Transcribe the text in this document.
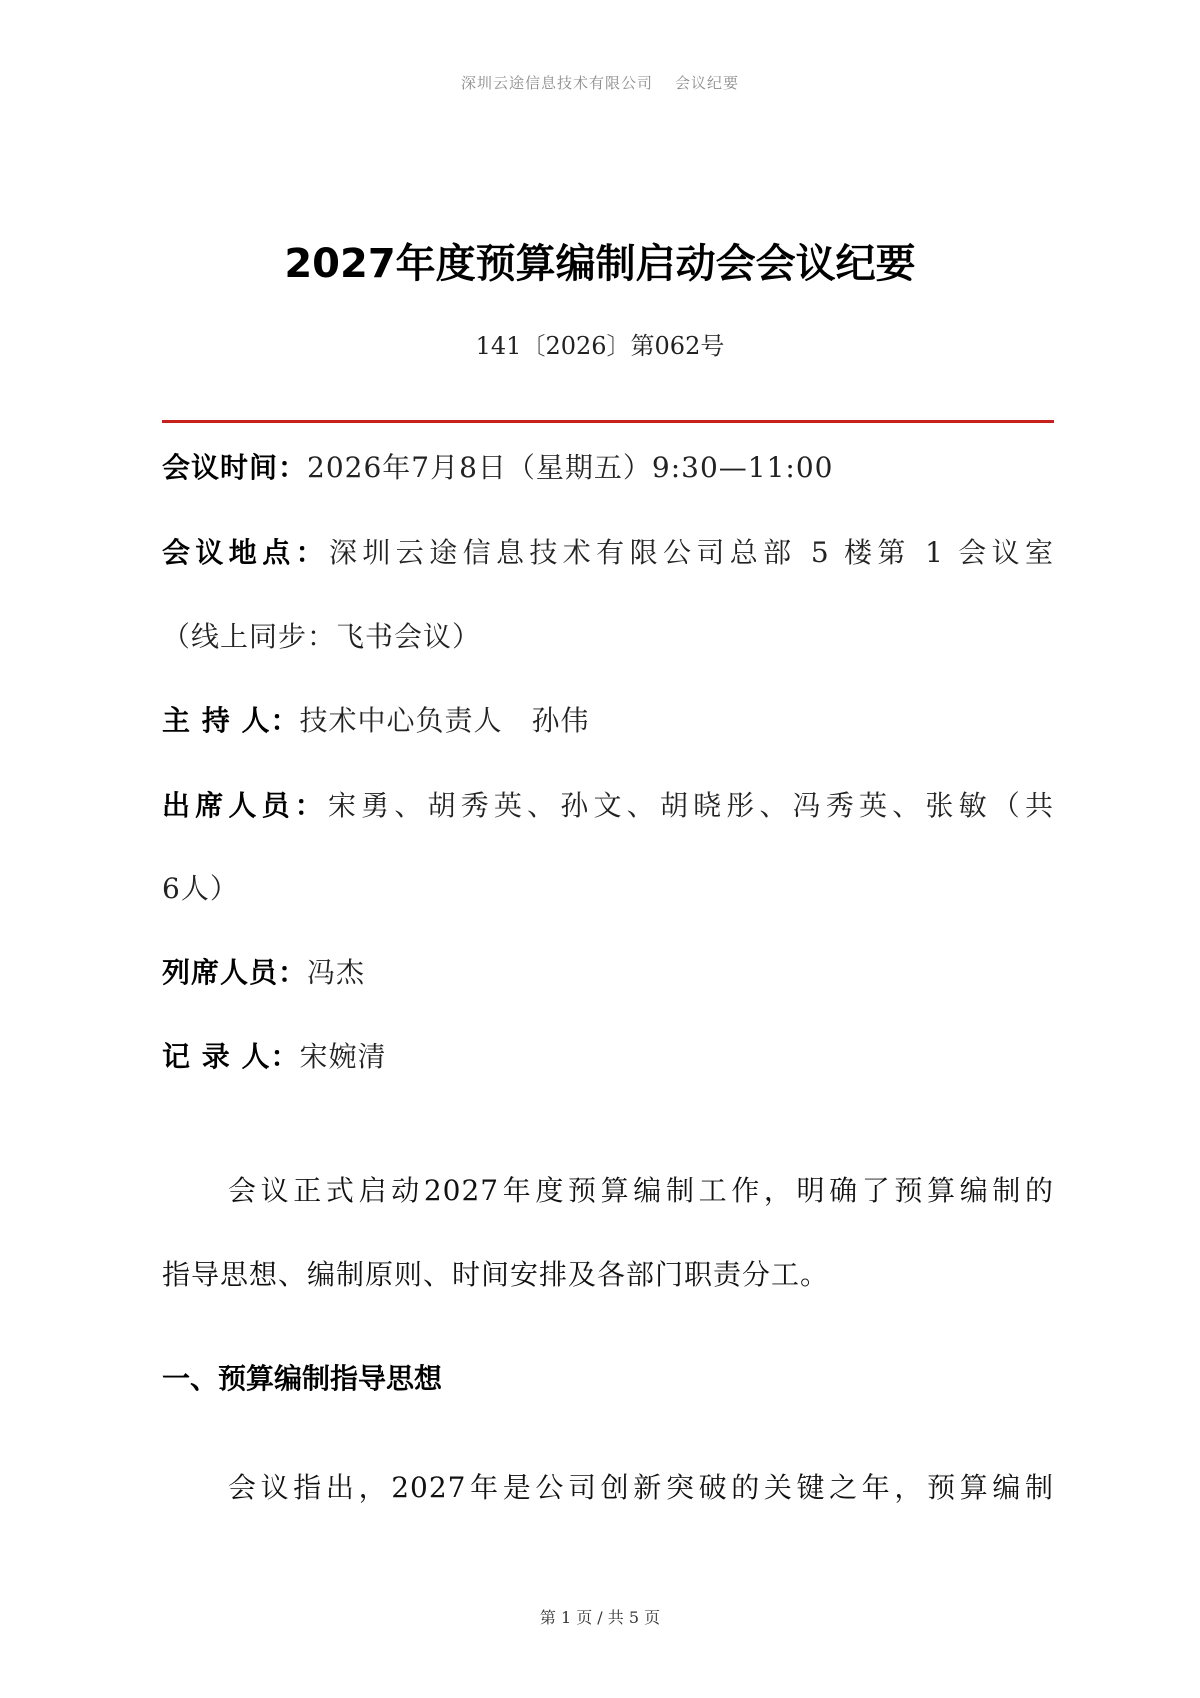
深圳云途信息技术有限公司 会议纪要
2027年度预算编制启动会会议纪要
141〔2026〕第062号
会议时间：2026年7月8日（星期五）9:30—11:00
会议地点：深圳云途信息技术有限公司总部 5 楼第 1 会议室
（线上同步：飞书会议）
主 持 人：技术中心负责人　孙伟
出席人员：宋勇、胡秀英、孙文、胡晓彤、冯秀英、张敏（共
6人）
列席人员：冯杰
记 录 人：宋婉清
会议正式启动2027年度预算编制工作，明确了预算编制的
指导思想、编制原则、时间安排及各部门职责分工。
一、预算编制指导思想
会议指出，2027年是公司创新突破的关键之年，预算编制
第 1 页 / 共 5 页
